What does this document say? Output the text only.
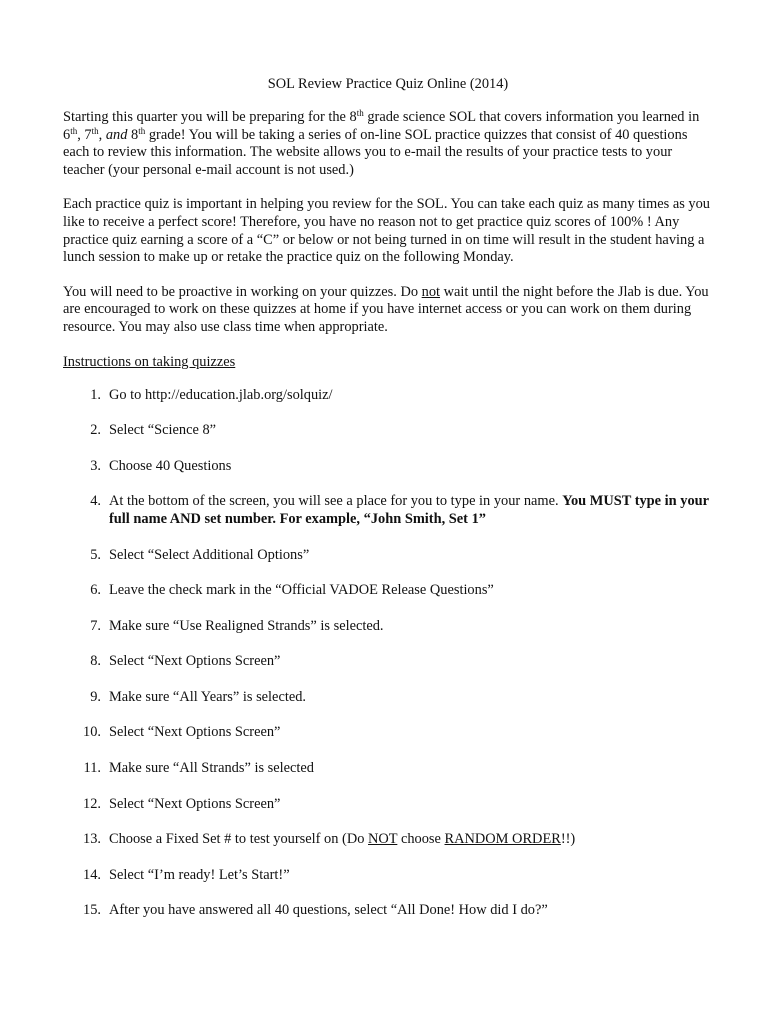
SOL Review Practice Quiz Online (2014)

Starting this quarter you will be preparing for the 8th grade science SOL that covers information you learned in 6th, 7th, and 8th grade! You will be taking a series of on-line SOL practice quizzes that consist of 40 questions each to review this information. The website allows you to e-mail the results of your practice tests to your teacher (your personal e-mail account is not used.)

Each practice quiz is important in helping you review for the SOL. You can take each quiz as many times as you like to receive a perfect score! Therefore, you have no reason not to get practice quiz scores of 100% ! Any practice quiz earning a score of a “C” or below or not being turned in on time will result in the student having a lunch session to make up or retake the practice quiz on the following Monday.

You will need to be proactive in working on your quizzes. Do not wait until the night before the Jlab is due. You are encouraged to work on these quizzes at home if you have internet access or you can work on them during resource. You may also use class time when appropriate.

Instructions on taking quizzes

1. Go to http://education.jlab.org/solquiz/
2. Select “Science 8”
3. Choose 40 Questions
4. At the bottom of the screen, you will see a place for you to type in your name. You MUST type in your full name AND set number. For example, “John Smith, Set 1”
5. Select “Select Additional Options”
6. Leave the check mark in the “Official VADOE Release Questions”
7. Make sure “Use Realigned Strands” is selected.
8. Select “Next Options Screen”
9. Make sure “All Years” is selected.
10. Select “Next Options Screen”
11. Make sure “All Strands” is selected
12. Select “Next Options Screen”
13. Choose a Fixed Set # to test yourself on (Do NOT choose RANDOM ORDER!!)
14. Select “I’m ready! Let’s Start!”
15. After you have answered all 40 questions, select “All Done! How did I do?”
